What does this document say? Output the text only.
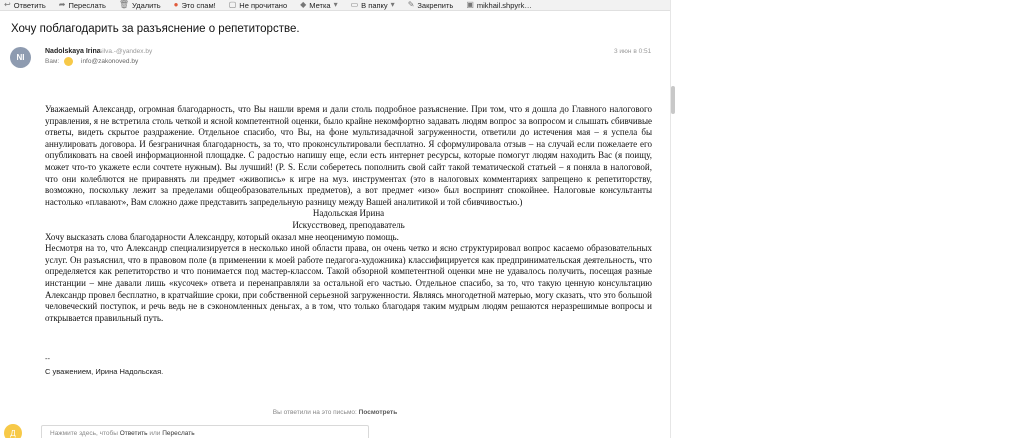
↩ Ответить ➦ Переслать 🗑 Удалить ● Это спам! ▢ Не прочитано ◆ Метка ▾ ▭ В папку ▾ ✎ Закрепить ▣ mikhail.shpyrk…
Хочу поблагодарить за разъяснение о репетиторстве.
NI
Nadolskaya Irina
silva.-@yandex.by
Вам:	info@zakonoved.by
3 июн в 0:51

Уважаемый Александр, огромная благодарность, что Вы нашли время и дали столь подробное разъяснение. При том, что я дошла до Главного налогового управления, я не встретила столь четкой и ясной компетентной оценки, было крайне некомфортно задавать людям вопрос за вопросом и слышать сбивчивые ответы, видеть скрытое раздражение. Отдельное спасибо, что Вы, на фоне мультизадачной загруженности, ответили до истечения мая – я успела бы аннулировать договора. И безграничная благодарность, за то, что проконсультировали бесплатно. Я сформулировала отзыв – на случай если пожелаете его опубликовать на своей информационной площадке. С радостью напишу еще, если есть интернет ресурсы, которые помогут людям находить Вас (я поищу, может что-то укажете если сочтете нужным). Вы лучший! (P. S. Если соберетесь пополнить свой сайт такой тематической статьей – я поняла в налоговой, что они колеблются не приравнять ли предмет «живопись» к игре на муз. инструментах (это в налоговых комментариях запрещено к репетиторству, возможно, поскольку лежит за пределами общеобразовательных предметов), а вот предмет «изо» был воспринят спокойнее. Налоговые консультанты настолько «плавают», Вам сложно даже представить запредельную разницу между Вашей аналитикой и той сбивчивостью.)

Надольская Ирина

Искусствовед, преподаватель

Хочу высказать слова благодарности Александру, который оказал мне неоценимую помощь.

Несмотря на то, что Александр специализируется в несколько иной области права, он очень четко и ясно структурировал вопрос касаемо образовательных услуг. Он разъяснил, что в правовом поле (в применении к моей работе педагога-художника) классифицируется как предпринимательская деятельность, что определяется как репетиторство и что понимается под мастер-классом. Такой обзорной компетентной оценки мне не удавалось получить, посещая разные инстанции – мне давали лишь «кусочек» ответа и перенаправляли за остальной его частью. Отдельное спасибо, за то, что такую ценную консультацию Александр провел бесплатно, в кратчайшие сроки, при собственной серьезной загруженности. Являясь многодетной матерью, могу сказать, что это большой человеческий поступок, и речь ведь не в сэкономленных деньгах, а в том, что только благодаря таким мудрым людям решаются неразрешимые вопросы и открывается правильный путь.

--
С уважением, Ирина Надольская.
Вы ответили на это письмо: Посмотреть
Д	Нажмите здесь, чтобы Ответить или Переслать
